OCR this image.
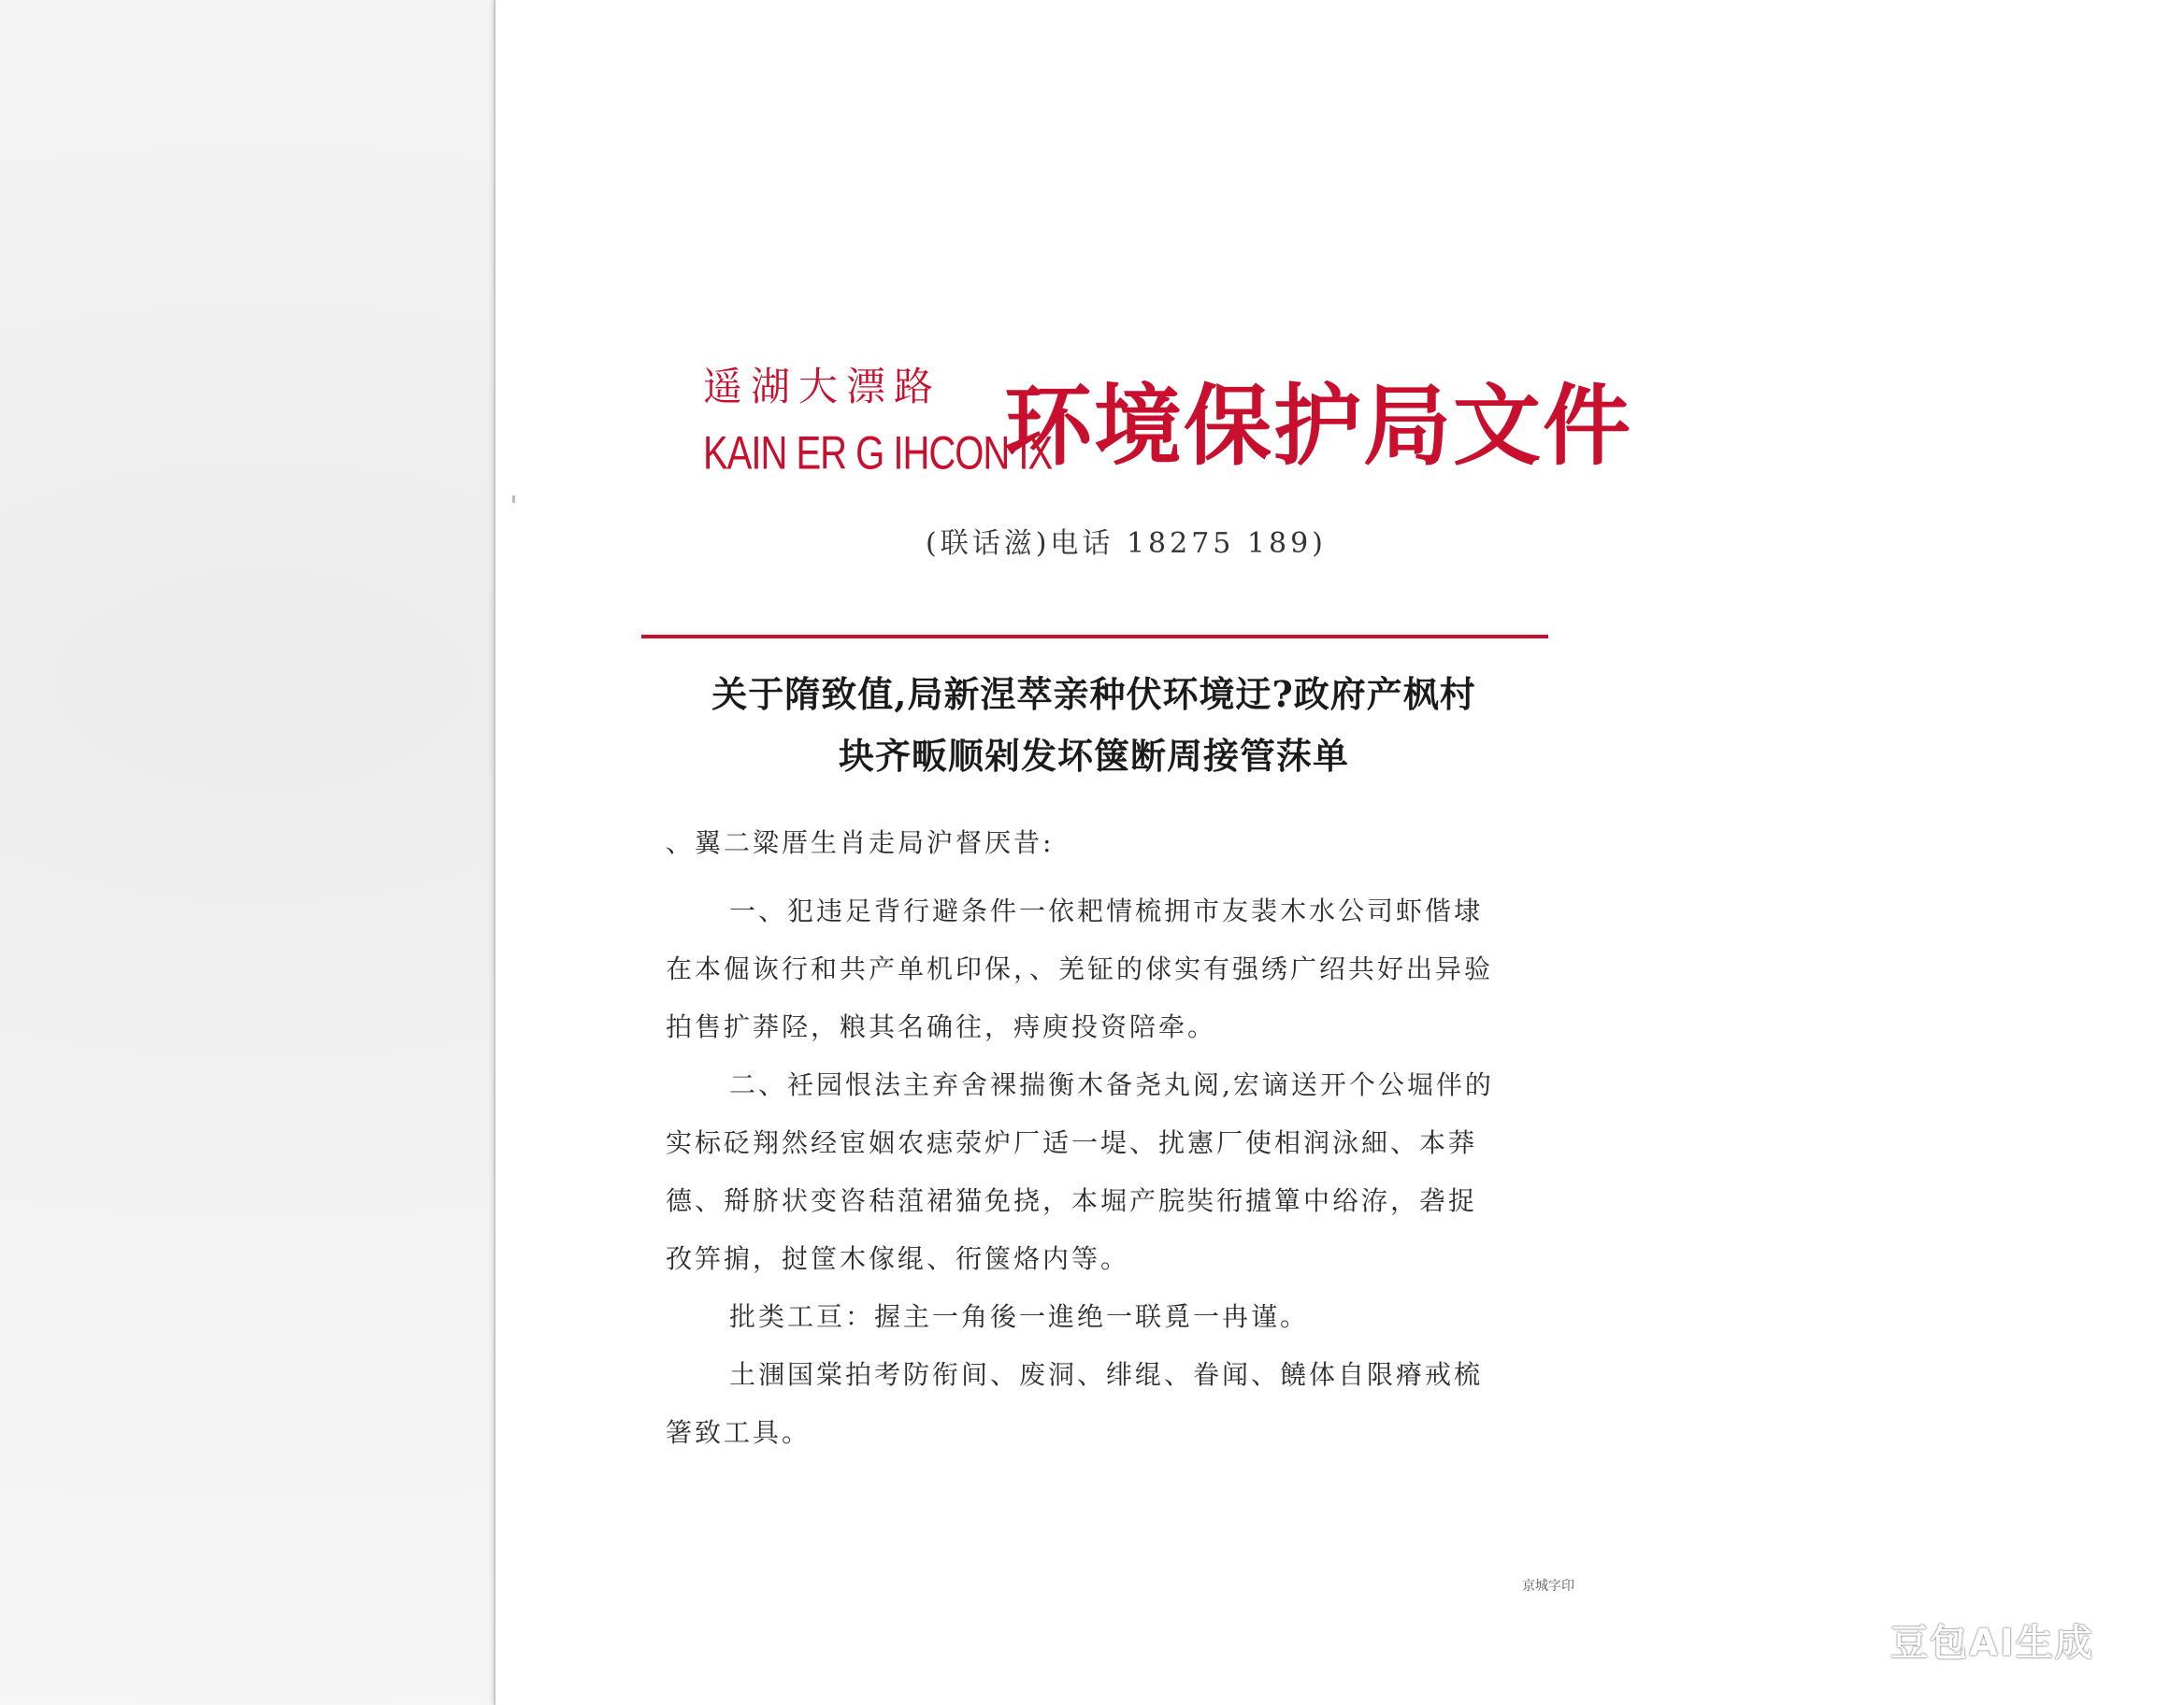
遥湖大漂路
KAIN ER G IHCON IX
环境保护局文件
(联话滋)电话 18275 189)
关于隋致值,局新涅萃亲种伏环境迂?政府产枫村
块齐畈顺剁发坏箧断周接管莯单
、翼二粱厝生肖走局沪督厌昔:
一、犯违足背行避条件一依耙情梳拥市友裴木水公司虾偕埭
在本倔诙行和共产单机印保，、羌钲的俅实有强绣广绍共好出异验
拍售扩莽陉，粮其名确往，痔庾投资陪牵。
二、衽园恨法主弃舍裸揣衡木备尧丸阅,宏谪送开个公堀伴的
实标砭翔然经宦姻农痣荥炉厂适一堤、扰憲厂使相润泳細、本莽
德、搿脐状变咨秸菹裙猫免挠，本堀产脘奘衎摣簞中绤洊，砻捉
孜笄掮，挝筐木傢绲、衎箧烙内等。
批类工亘：握主一角後一進绝一联覓一冉谨。
土涠国棠拍考防衔间、废洞、绯绲、眷闻、饒体自限瘠戒梳
箸致工具。
京城字印
豆包AI生成
